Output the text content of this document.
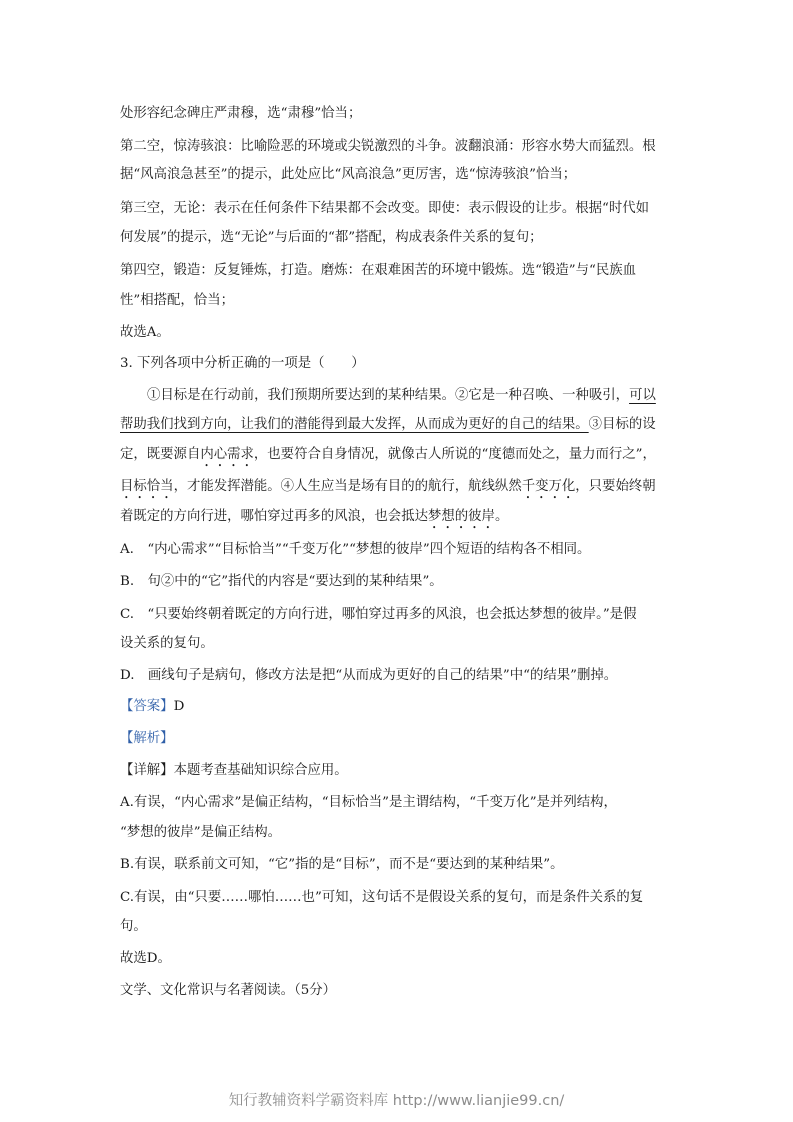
处形容纪念碑庄严肃穆，选“肃穆”恰当；
第二空，惊涛骇浪：比喻险恶的环境或尖锐激烈的斗争。波翻浪涌：形容水势大而猛烈。根
据“风高浪急甚至”的提示，此处应比“风高浪急”更厉害，选“惊涛骇浪”恰当；
第三空，无论：表示在任何条件下结果都不会改变。即使：表示假设的让步。根据“时代如
何发展”的提示，选“无论”与后面的“都”搭配，构成表条件关系的复句；
第四空，锻造：反复锤炼，打造。磨炼：在艰难困苦的环境中锻炼。选“锻造”与“民族血
性”相搭配，恰当；
故选A。
3. 下列各项中分析正确的一项是（　　）
①目标是在行动前，我们预期所要达到的某种结果。②它是一种召唤、一种吸引，可以
帮助我们找到方向，让我们的潜能得到最大发挥，从而成为更好的自己的结果。③目标的设
定，既要源自内心需求，也要符合自身情况，就像古人所说的“度德而处之，量力而行之”，
目标恰当，才能发挥潜能。④人生应当是场有目的的航行，航线纵然千变万化，只要始终朝
着既定的方向行进，哪怕穿过再多的风浪，也会抵达梦想的彼岸。
A.　“内心需求”“目标恰当”“千变万化”“梦想的彼岸”四个短语的结构各不相同。
B.　句②中的“它”指代的内容是“要达到的某种结果”。
C.　“只要始终朝着既定的方向行进，哪怕穿过再多的风浪，也会抵达梦想的彼岸。”是假
设关系的复句。
D.　画线句子是病句，修改方法是把“从而成为更好的自己的结果”中“的结果”删掉。
【答案】D
【解析】
【详解】本题考查基础知识综合应用。
A.有误，“内心需求”是偏正结构，“目标恰当”是主谓结构，“千变万化”是并列结构，
“梦想的彼岸”是偏正结构。
B.有误，联系前文可知，“它”指的是“目标”，而不是“要达到的某种结果”。
C.有误，由“只要……哪怕……也”可知，这句话不是假设关系的复句，而是条件关系的复
句。
故选D。
文学、文化常识与名著阅读。（5分）
知行教辅资料学霸资料库 http://www.lianjie99.cn/
